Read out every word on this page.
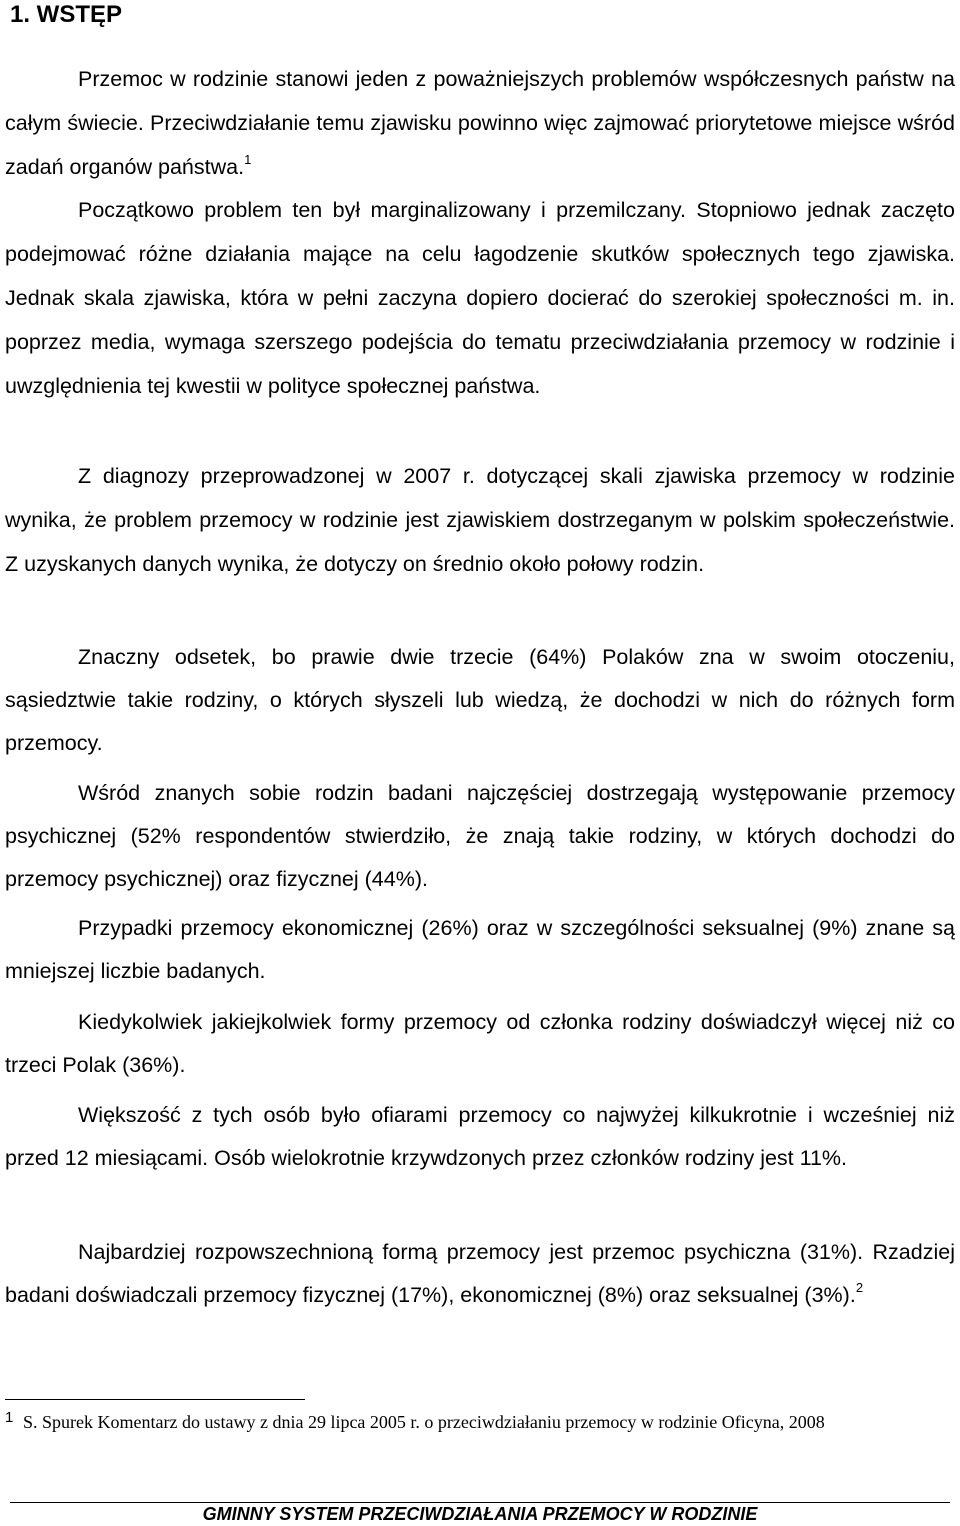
1. WSTĘP

Przemoc w rodzinie stanowi jeden z poważniejszych problemów współczesnych państw na całym świecie. Przeciwdziałanie temu zjawisku powinno więc zajmować priorytetowe miejsce wśród zadań organów państwa.$^1$

Początkowo problem ten był marginalizowany i przemilczany. Stopniowo jednak zaczęto podejmować różne działania mające na celu łagodzenie skutków społecznych tego zjawiska. Jednak skala zjawiska, która w pełni zaczyna dopiero docierać do szerokiej społeczności m. in. poprzez media, wymaga szerszego podejścia do tematu przeciwdziałania przemocy w rodzinie i uwzględnienia tej kwestii w polityce społecznej państwa.

Z diagnozy przeprowadzonej w 2007 r. dotyczącej skali zjawiska przemocy w rodzinie wynika, że problem przemocy w rodzinie jest zjawiskiem dostrzeganym w polskim społeczeństwie. Z uzyskanych danych wynika, że dotyczy on średnio około połowy rodzin.

Znaczny odsetek, bo prawie dwie trzecie (64%) Polaków zna w swoim otoczeniu, sąsiedztwie takie rodziny, o których słyszeli lub wiedzą, że dochodzi w nich do różnych form przemocy.

Wśród znanych sobie rodzin badani najczęściej dostrzegają występowanie przemocy psychicznej (52% respondentów stwierdziło, że znają takie rodziny, w których dochodzi do przemocy psychicznej) oraz fizycznej (44%).

Przypadki przemocy ekonomicznej (26%) oraz w szczególności seksualnej (9%) znane są mniejszej liczbie badanych.

Kiedykolwiek jakiejkolwiek formy przemocy od członka rodziny doświadczył więcej niż co trzeci Polak (36%).

Większość z tych osób było ofiarami przemocy co najwyżej kilkukrotnie i wcześniej niż przed 12 miesiącami. Osób wielokrotnie krzywdzonych przez członków rodziny jest 11%.

Najbardziej rozpowszechnioną formą przemocy jest przemoc psychiczna (31%). Rzadziej badani doświadczali przemocy fizycznej (17%), ekonomicznej (8%) oraz seksualnej (3%).$^2$

1 S. Spurek Komentarz do ustawy z dnia 29 lipca 2005 r. o przeciwdziałaniu przemocy w rodzinie Oficyna, 2008
GMINNY SYSTEM PRZECIWDZIAŁANIA PRZEMOCY W RODZINIE
